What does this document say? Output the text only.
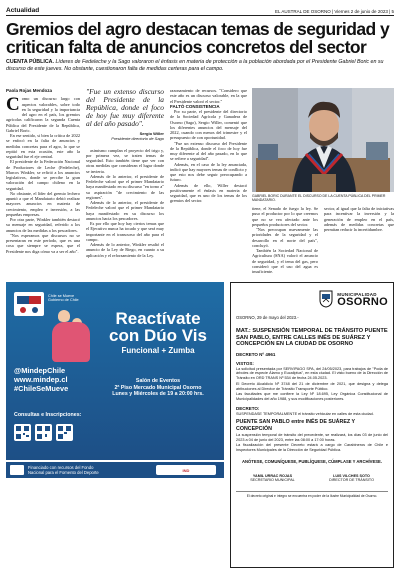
Actualidad	EL AUSTRAL DE OSORNO | Viernes 2 de junio de 2023 | 5
Gremios del agro destacan temas de seguridad y critican falta de anuncios concretos del sector

CUENTA PÚBLICA. Líderes de Fedeleche y la Sago valoraron el énfasis en materia de protección a la población abordada por el Presidente Gabriel Boric en su discurso de este jueves. No obstante, cuestionaron falta de medidas certeras para el campo.

Paola Rojas Mendoza

Como un discurso largo con aspectos valorables, sobre todo en la seguridad y la importancia del agro en el país, los gremios agrícolas calificaron la segunda Cuenta Pública del Presidente de la República, Gabriel Boric.

En ese sentido, si bien la crítica de 2022 se enfocó en la falta de anuncios y medidas concretas para el agro, lo que se repitió en esta ocasión, este año la seguridad fue el eje central.

El presidente de la Federación Nacional de Productores de Leche (Fedeleche), Marcos Winkler, se refirió a los anuncios legislativos, donde se percibe la gran valoración del campo chileno en la seguridad.

No obstante, el líder del gremio lechero apuntó a que el Mandatario debió realizar mayores anuncios en materia de crecimiento, empleo e inversión, a las pequeñas empresas.

Por otra parte, Winkler también destacó su mensaje en seguridad, referido a los anuncios de las medidas a los pescadores.

"Nos esperamos que discursos no se presentaran en este período, que es una cosa que siempre se espera, que el Presidente nos diga cómo va a ser el año".

"Fue un extenso discurso del Presidente de la República, donde el foco de hoy fue muy diferente al del año pasado".
Sergio Willer
Presidente directorio de Sago

asimismo cumplan el proyecto del trigo y, por primera vez, se traten temas de seguridad. Esto también tiene que ver con otras medidas que consideran el lugar donde se invierta.

Además de lo anterior, el presidente de Fedeleche valoró que el primer Mandatario haya manifestado en su discurso "en torno a" su aspiración "de crecimiento de las regiones".

Además de lo anterior, el presidente de Fedeleche valoró que el primer Mandatario haya manifestado en su discurso los anuncios hacia los pescadores.

Es por ello que hoy hay ciertos temas que el Ejecutivo nunca ha tocado y que será muy importante en el transcurso del año para el campo.

Además de lo anterior, Winkler resaltó el anuncio de la Ley de Riego, en cuanto a su aplicación y el reforzamiento de la Ley.

razonamiento de recursos. "Considero que este año es un discurso valorable, en la que el Presidente valoró el sector."

FALTÓ CONSISTENCIA

Por su parte, el presidente del directorio de la Sociedad Agrícola y Ganadera de Osorno (Sago), Sergio Willer, comentó que los diferentes anuncios del mensaje del 2022, cuando con menos del trimestre y el presupuesto de con oportunidad.

"Fue un extenso discurso del Presidente de la República, donde el foco de hoy fue muy diferente al del año pasado, en lo que se refiere a seguridad".

Además, en el caso de la ley anunciada, indicó que hay mayores temas de conflicto y que esto nos debe seguir preocupando a futuro.

Además de ello, Willer destacó positivamente el énfasis en materia de seguridad, que es uno de los temas de los gremios del sector.

GABRIEL BORIC DURANTE EL DISCURSO DE LA CUENTA PÚBLICA DEL PRIMER MANDATARIO.

tiene, el Senado de fuego la ley. Se puso el productor por lo que creemos que no se vea afectado ante los pequeños productores del sector.

"Nos preocupan nuevamente las prioridades de la seguridad y el desarrollo en el norte del país", concluyó.

También la Sociedad Nacional de Agricultura (SNA) valoró el anuncio de seguridad, y el tema del gas, pero consideró que el uso del agua es insuficiente.

sector, al igual que la falta de iniciativas para incentivar la inversión y la generación de empleo en el país, además de medidas concretas que permitan reducir la incertidumbre.

Chile se Mueve
Gobierno de Chile
Reactívate
con Dúo Vis
Funcional + Zumba
Salón de Eventos
2ª Piso Mercado Municipal Osorno
Lunes y Miércoles de 19 a 20:00 hrs.
@MindepChile
www.mindep.cl
#ChileSeMueve
Consultas e Inscripciones:
Financiado con recursos del Fondo
Nacional para el Fomento del Deporte	IND
MUNICIPALIDAD
OSORNO
OSORNO, 29 de mayo del 2023.-
MAT.: SUSPENSIÓN TEMPORAL DE TRÁNSITO PUENTE SAN PABLO, ENTRE CALLES INÉS DE SUÁREZ Y CONCEPCIÓN EN LA CIUDAD DE OSORNO
DECRETO Nº 4961
VISTOS:

La solicitud presentada por SERVIPAGO SPA, del 24/05/2023, para trabajos de "Poda de árboles de especie Álamo y Eucaliptus", en esta ciudad. El visto bueno de la Dirección de Tránsito en ORD TRANS Nº 534 de fecha 24.05.2023.

El Decreto Alcaldicio Nº 3748 del 21 de diciembre de 2021, que designa y delega atribuciones al Director de Tránsito Transporte Público.

Las facultades que me confiere la Ley Nº 18.695, Ley Orgánica Constitucional de Municipalidades del año 1988, y sus modificaciones posteriores.

DECRETO:

SUSPENDASE TEMPORALMENTE el tránsito vehicular en calles de esta ciudad.

PUENTE SAN PABLO entre INÉS DE SUÁREZ Y CONCEPCIÓN

La suspensión temporal de tránsito del precedente, se realizará, los días 03 de junio del 2023 a 04 de junio del 2023, entre las 08:00 a 17:00 horas.

La fiscalización del presente Decreto estará a cargo de Carabineros de Chile e Inspectores Municipales de la Dirección de Seguridad Pública.

ANÓTESE, COMUNÍQUESE, PUBLÍQUESE, CÚMPLASE Y ARCHÍVESE.
YAMIL URRAC ROJAS
SECRETARIO MUNICIPAL
LUIS VILCHES SOTO
DIRECTOR DE TRÁNSITO
El decreto original e íntegro se encuentra en poder de la Ilustre Municipalidad de Osorno.
